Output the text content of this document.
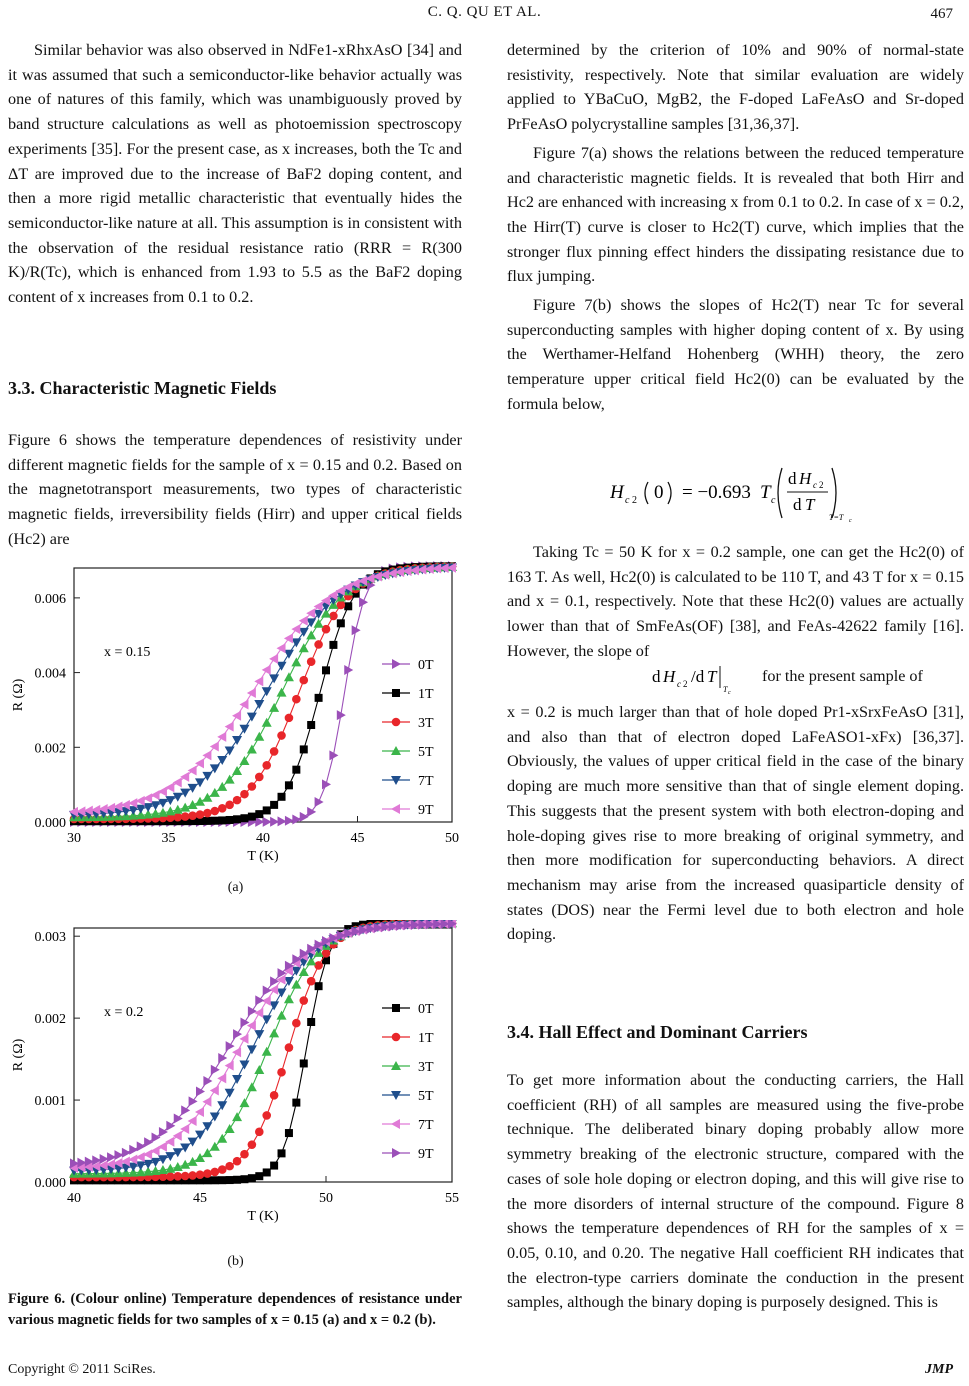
C. Q. QU ET AL.	467

Similar behavior was also observed in NdFe1-xRhxAsO [34] and it was assumed that such a semiconductor-like behavior actually was one of natures of this family, which was unambiguously proved by band structure calculations as well as photoemission spectroscopy experiments [35]. For the present case, as x increases, both the Tc and ΔT are improved due to the increase of BaF2 doping content, and then a more rigid metallic characteristic that eventually hides the semiconductor-like nature at all. This assumption is in consistent with the observation of the residual resistance ratio (RRR = R(300 K)/R(Tc), which is enhanced from 1.93 to 5.5 as the BaF2 doping content of x increases from 0.1 to 0.2.

3.3. Characteristic Magnetic Fields

Figure 6 shows the temperature dependences of resistivity under different magnetic fields for the sample of x = 0.15 and 0.2. Based on the magnetotransport measurements, two types of characteristic magnetic fields, irreversibility fields (Hirr) and upper critical fields (Hc2) are

30	35	40	45	50
0.000
0.002
0.004
0.006
T (K)
R (Ω)
x = 0.15
0T
1T
3T
5T
7T
9T
(a)
40	45	50	55
0.000
0.001
0.002
0.003
T (K)
R (Ω)
x = 0.2	0T
1T
3T
5T
7T
9T
(b)
Figure 6. (Colour online) Temperature dependences of resistance under various magnetic fields for two samples of x = 0.15 (a) and x = 0.2 (b).

determined by the criterion of 10% and 90% of normal-state resistivity, respectively. Note that similar evaluation are widely applied to YBaCuO, MgB2, the F-doped LaFeAsO and Sr-doped PrFeAsO polycrystalline samples [31,36,37].

Figure 7(a) shows the relations between the reduced temperature and characteristic magnetic fields. It is revealed that both Hirr and Hc2 are enhanced with increasing x from 0.1 to 0.2. In case of x = 0.2, the Hirr(T) curve is closer to Hc2(T) curve, which implies that the stronger flux pinning effect hinders the dissipating resistance due to flux jumping.

Figure 7(b) shows the slopes of Hc2(T) near Tc for several superconducting samples with higher doping content of x. By using the Werthamer-Helfand Hohenberg (WHH) theory, the zero temperature upper critical field Hc2(0) can be evaluated by the formula below,

H c 2 0 = −0.693 T c
d H c 2
d T
T=T c

Taking Tc = 50 K for x = 0.2 sample, one can get the Hc2(0) of 163 T. As well, Hc2(0) is calculated to be 110 T, and 43 T for x = 0.15 and x = 0.1, respectively. Note that these Hc2(0) values are actually lower than that of SmFeAs(OF) [38], and FeAs-42622 family [16]. However, the slope of

d H c 2 /d T
T c

for the present sample of

x = 0.2 is much larger than that of hole doped Pr1-xSrxFeAsO [31], and also than that of electron doped LaFeASO1-xFx) [36,37]. Obviously, the values of upper critical field in the case of the binary doping are much more sensitive than that of single element doping. This suggests that the present system with both electron-doping and hole-doping gives rise to more breaking of original symmetry, and then more modification for superconducting behaviors. A direct mechanism may arise from the increased quasiparticle density of states (DOS) near the Fermi level due to both electron and hole doping.

3.4. Hall Effect and Dominant Carriers

To get more information about the conducting carriers, the Hall coefficient (RH) of all samples are measured using the five-probe technique. The deliberated binary doping probably allow more symmetry breaking of the electronic structure, compared with the cases of sole hole doping or electron doping, and this will give rise to the more disorders of internal structure of the compound. Figure 8 shows the temperature dependences of RH for the samples of x = 0.05, 0.10, and 0.20. The negative Hall coefficient RH indicates that the electron-type carriers dominate the conduction in the present samples, although the binary doping is purposely designed. This is

Copyright © 2011 SciRes.	JMP
